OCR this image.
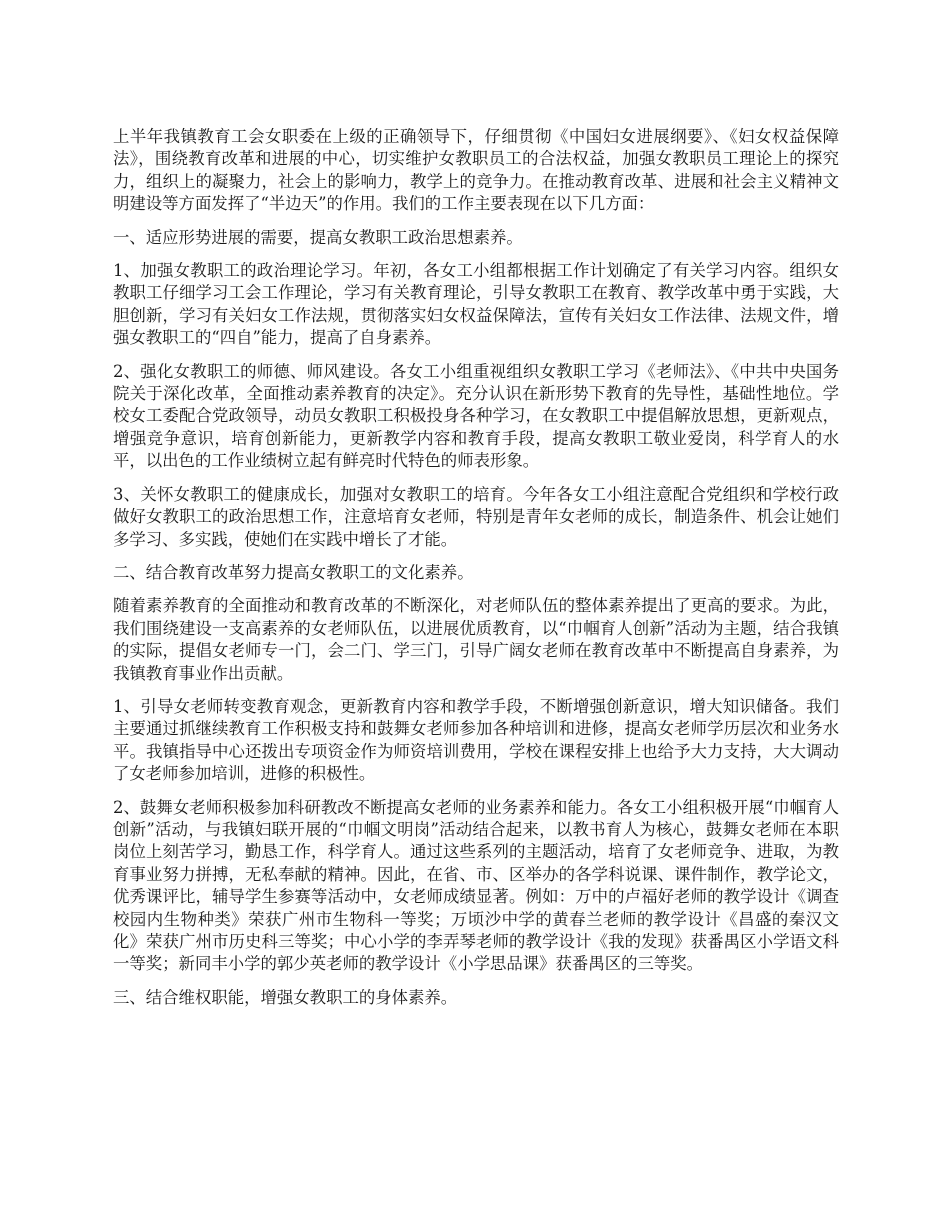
上半年我镇教育工会女职委在上级的正确领导下，仔细贯彻《中国妇女进展纲要》、《妇女权益保障法》，围绕教育改革和进展的中心，切实维护女教职员工的合法权益，加强女教职员工理论上的探究力，组织上的凝聚力，社会上的影响力，教学上的竞争力。在推动教育改革、进展和社会主义精神文明建设等方面发挥了“半边天”的作用。我们的工作主要表现在以下几方面：

一、适应形势进展的需要，提高女教职工政治思想素养。

1、加强女教职工的政治理论学习。年初，各女工小组都根据工作计划确定了有关学习内容。组织女教职工仔细学习工会工作理论，学习有关教育理论，引导女教职工在教育、教学改革中勇于实践，大胆创新，学习有关妇女工作法规，贯彻落实妇女权益保障法，宣传有关妇女工作法律、法规文件，增强女教职工的“四自”能力，提高了自身素养。

2、强化女教职工的师德、师风建设。各女工小组重视组织女教职工学习《老师法》、《中共中央国务院关于深化改革，全面推动素养教育的决定》。充分认识在新形势下教育的先导性，基础性地位。学校女工委配合党政领导，动员女教职工积极投身各种学习，在女教职工中提倡解放思想，更新观点，增强竞争意识，培育创新能力，更新教学内容和教育手段，提高女教职工敬业爱岗，科学育人的水平，以出色的工作业绩树立起有鲜亮时代特色的师表形象。

3、关怀女教职工的健康成长，加强对女教职工的培育。今年各女工小组注意配合党组织和学校行政做好女教职工的政治思想工作，注意培育女老师，特别是青年女老师的成长，制造条件、机会让她们多学习、多实践，使她们在实践中增长了才能。

二、结合教育改革努力提高女教职工的文化素养。

随着素养教育的全面推动和教育改革的不断深化，对老师队伍的整体素养提出了更高的要求。为此，我们围绕建设一支高素养的女老师队伍，以进展优质教育，以“巾帼育人创新”活动为主题，结合我镇的实际，提倡女老师专一门，会二门、学三门，引导广阔女老师在教育改革中不断提高自身素养，为我镇教育事业作出贡献。

1、引导女老师转变教育观念，更新教育内容和教学手段，不断增强创新意识，增大知识储备。我们主要通过抓继续教育工作积极支持和鼓舞女老师参加各种培训和进修，提高女老师学历层次和业务水平。我镇指导中心还拨出专项资金作为师资培训费用，学校在课程安排上也给予大力支持，大大调动了女老师参加培训，进修的积极性。

2、鼓舞女老师积极参加科研教改不断提高女老师的业务素养和能力。各女工小组积极开展“巾帼育人创新”活动，与我镇妇联开展的“巾帼文明岗”活动结合起来，以教书育人为核心，鼓舞女老师在本职岗位上刻苦学习，勤恳工作，科学育人。通过这些系列的主题活动，培育了女老师竞争、进取，为教育事业努力拼搏，无私奉献的精神。因此，在省、市、区举办的各学科说课、课件制作，教学论文，优秀课评比，辅导学生参赛等活动中，女老师成绩显著。例如：万中的卢福好老师的教学设计《调查校园内生物种类》荣获广州市生物科一等奖；万顷沙中学的黄春兰老师的教学设计《昌盛的秦汉文化》荣获广州市历史科三等奖；中心小学的李弄琴老师的教学设计《我的发现》获番禺区小学语文科一等奖；新同丰小学的郭少英老师的教学设计《小学思品课》获番禺区的三等奖。

三、结合维权职能，增强女教职工的身体素养。
